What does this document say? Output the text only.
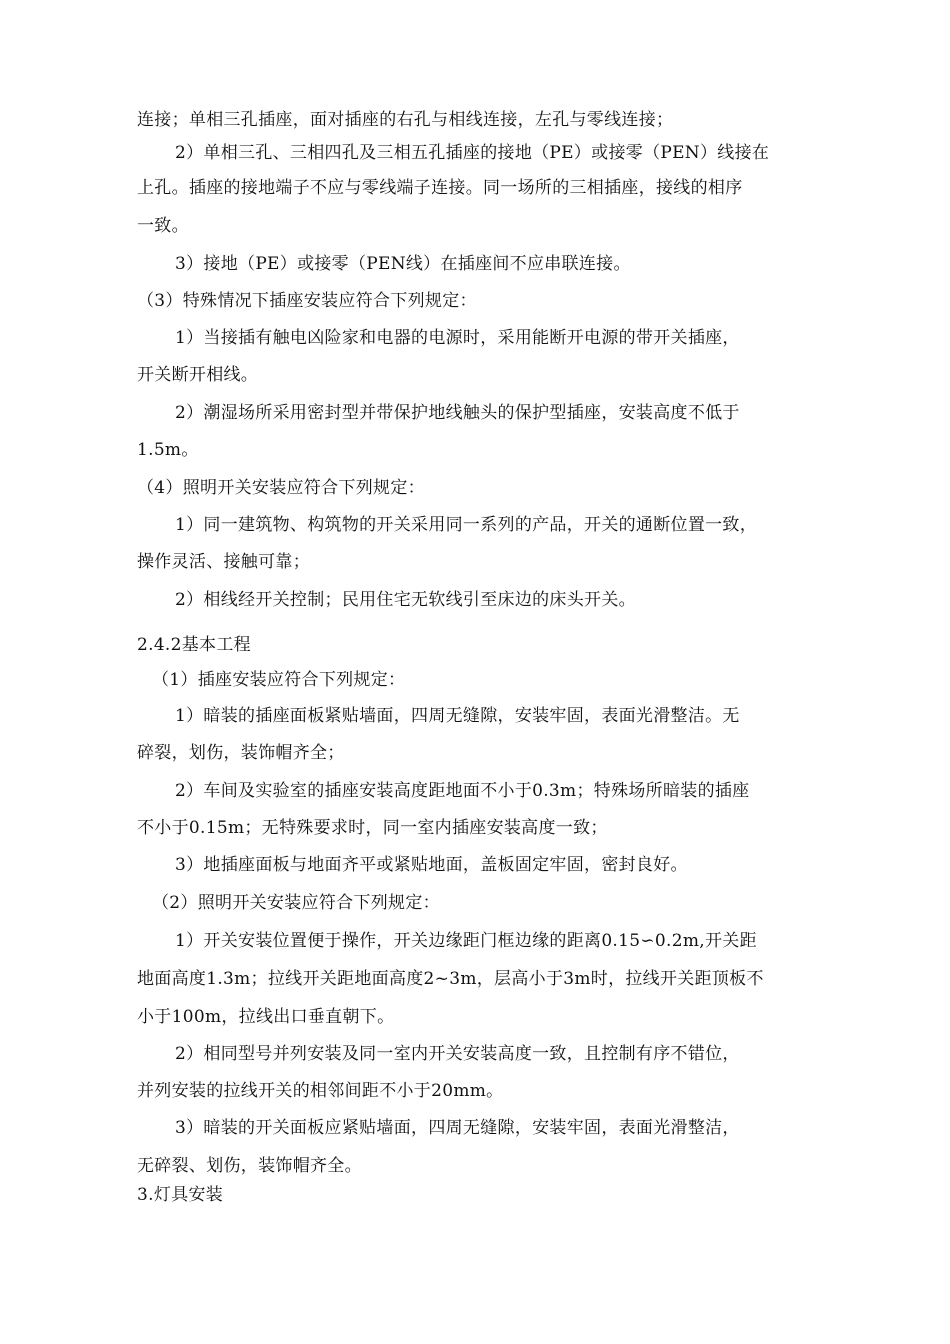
连接；单相三孔插座，面对插座的右孔与相线连接，左孔与零线连接；
2）单相三孔、三相四孔及三相五孔插座的接地（PE）或接零（PEN）线接在
上孔。插座的接地端子不应与零线端子连接。同一场所的三相插座，接线的相序
一致。
3）接地（PE）或接零（PEN线）在插座间不应串联连接。
（3）特殊情况下插座安装应符合下列规定：
1）当接插有触电凶险家和电器的电源时，采用能断开电源的带开关插座，
开关断开相线。
2）潮湿场所采用密封型并带保护地线触头的保护型插座，安装高度不低于
1.5m。
（4）照明开关安装应符合下列规定：
1）同一建筑物、构筑物的开关采用同一系列的产品，开关的通断位置一致，
操作灵活、接触可靠；
2）相线经开关控制；民用住宅无软线引至床边的床头开关。
2.4.2基本工程
（1）插座安装应符合下列规定：
1）暗装的插座面板紧贴墙面，四周无缝隙，安装牢固，表面光滑整洁。无
碎裂，划伤，装饰帽齐全；
2）车间及实验室的插座安装高度距地面不小于0.3m；特殊场所暗装的插座
不小于0.15m；无特殊要求时，同一室内插座安装高度一致；
3）地插座面板与地面齐平或紧贴地面，盖板固定牢固，密封良好。
（2）照明开关安装应符合下列规定：
1）开关安装位置便于操作，开关边缘距门框边缘的距离0.15∽0.2m,开关距
地面高度1.3m；拉线开关距地面高度2~3m，层高小于3m时，拉线开关距顶板不
小于100m，拉线出口垂直朝下。
2）相同型号并列安装及同一室内开关安装高度一致，且控制有序不错位，
并列安装的拉线开关的相邻间距不小于20mm。
3）暗装的开关面板应紧贴墙面，四周无缝隙，安装牢固，表面光滑整洁，
无碎裂、划伤，装饰帽齐全。
3.灯具安装
